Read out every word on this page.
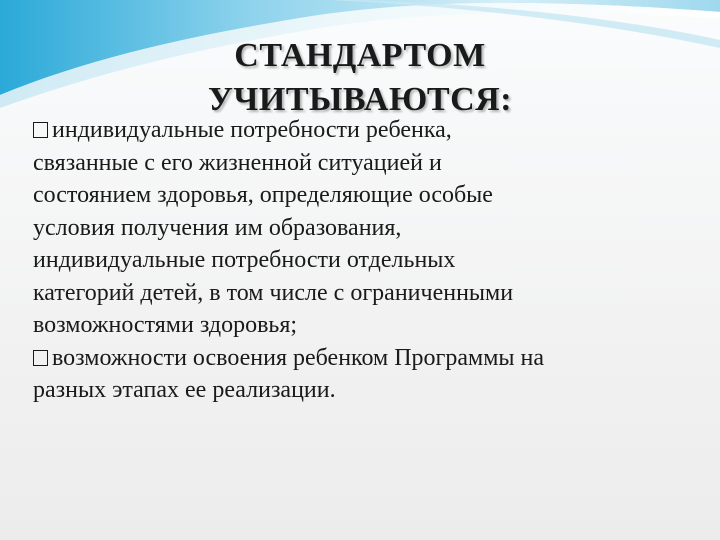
СТАНДАРТОМ
УЧИТЫВАЮТСЯ:
индивидуальные потребности ребенка,
связанные с его жизненной ситуацией и
состоянием здоровья, определяющие особые
условия получения им образования,
индивидуальные потребности отдельных
категорий детей, в том числе с ограниченными
возможностями здоровья;
возможности освоения ребенком Программы на
разных этапах ее реализации.
